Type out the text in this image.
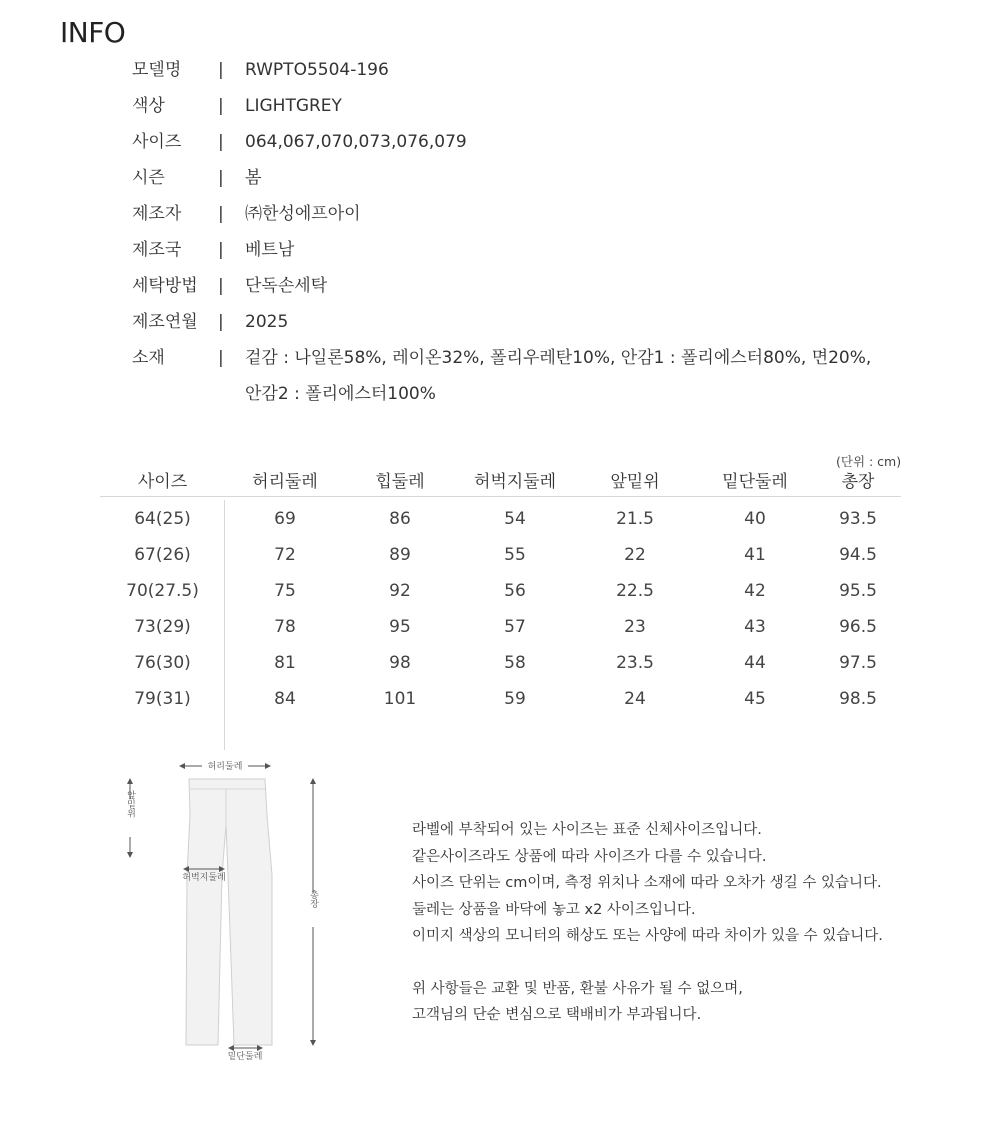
INFO
모델명	|	RWPTO5504-196
색상	|	LIGHTGREY
사이즈	|	064,067,070,073,076,079
시즌	|	봄
제조자	|	㈜한성에프아이
제조국	|	베트남
세탁방법	|	단독손세탁
제조연월	|	2025
소재	|	겉감 : 나일론58%, 레이온32%, 폴리우레탄10%, 안감1 : 폴리에스터80%, 면20%,
안감2 : 폴리에스터100%
(단위 : cm)
사이즈	허리둘레	힙둘레	허벅지둘레	앞밑위	밑단둘레	총장
64(25)	69	86	54	21.5	40	93.5
67(26)	72	89	55	22	41	94.5
70(27.5)	75	92	56	22.5	42	95.5
73(29)	78	95	57	23	43	96.5
76(30)	81	98	58	23.5	44	97.5
79(31)	84	101	59	24	45	98.5
허리둘레
앞밑위
허벅지둘레
총장
밑단둘레
라벨에 부착되어 있는 사이즈는 표준 신체사이즈입니다.
같은사이즈라도 상품에 따라 사이즈가 다를 수 있습니다.
사이즈 단위는 cm이며, 측정 위치나 소재에 따라 오차가 생길 수 있습니다.
둘레는 상품을 바닥에 놓고 x2 사이즈입니다.
이미지 색상의 모니터의 해상도 또는 사양에 따라 차이가 있을 수 있습니다.
위 사항들은 교환 및 반품, 환불 사유가 될 수 없으며,
고객님의 단순 변심으로 택배비가 부과됩니다.
